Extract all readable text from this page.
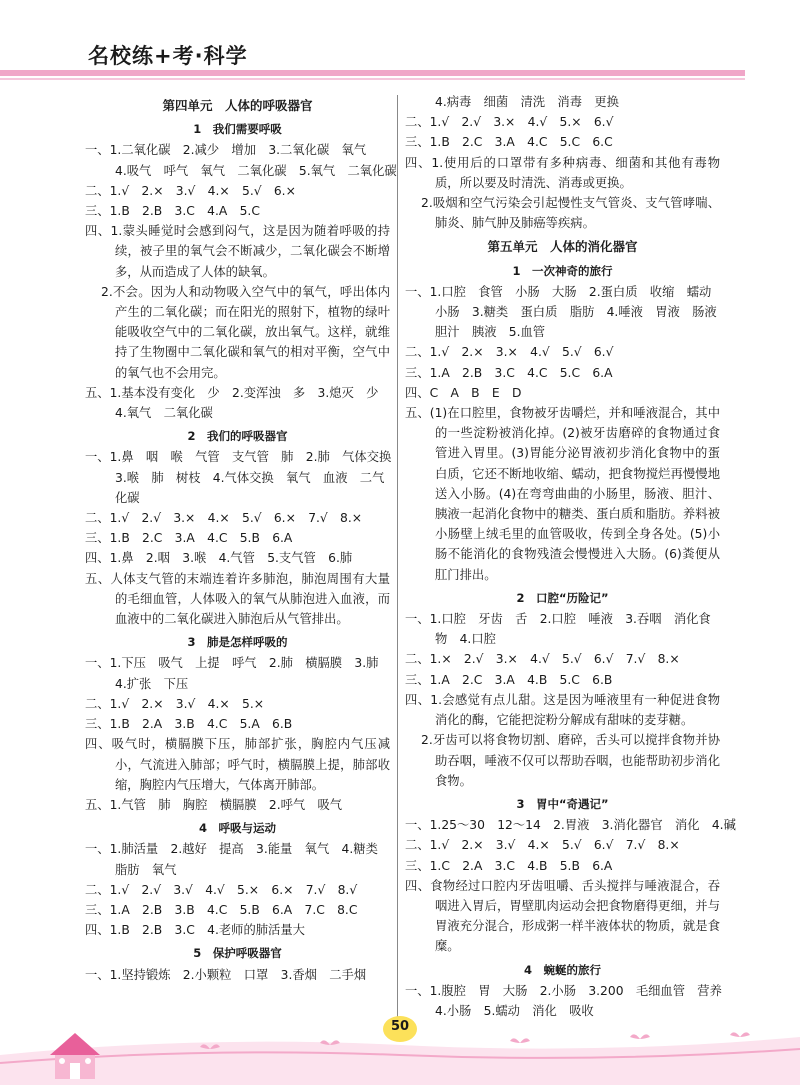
名校练+考·科学
第四单元　人体的呼吸器官
1　我们需要呼吸
一、1.二氧化碳　2.减少　增加　3.二氧化碳　氧气
4.吸气　呼气　氧气　二氧化碳　5.氧气　二氧化碳
二、1.√　2.×　3.√　4.×　5.√　6.×
三、1.B　2.B　3.C　4.A　5.C
四、1.蒙头睡觉时会感到闷气，这是因为随着呼吸的持续，被子里的氧气会不断减少，二氧化碳会不断增多，从而造成了人体的缺氧。
2.不会。因为人和动物吸入空气中的氧气，呼出体内产生的二氧化碳；而在阳光的照射下，植物的绿叶能吸收空气中的二氧化碳，放出氧气。这样，就维持了生物圈中二氧化碳和氧气的相对平衡，空气中的氧气也不会用完。
五、1.基本没有变化　少　2.变浑浊　多　3.熄灭　少
4.氧气　二氧化碳
2　我们的呼吸器官
一、1.鼻　咽　喉　气管　支气管　肺　2.肺　气体交换
3.喉　肺　树枝　4.气体交换　氧气　血液　二气
化碳
二、1.√　2.√　3.×　4.×　5.√　6.×　7.√　8.×
三、1.B　2.C　3.A　4.C　5.B　6.A
四、1.鼻　2.咽　3.喉　4.气管　5.支气管　6.肺
五、人体支气管的末端连着许多肺泡，肺泡周围有大量的毛细血管，人体吸入的氧气从肺泡进入血液，而血液中的二氧化碳进入肺泡后从气管排出。
3　肺是怎样呼吸的
一、1.下压　吸气　上提　呼气　2.肺　横膈膜　3.肺
4.扩张　下压
二、1.√　2.×　3.√　4.×　5.×
三、1.B　2.A　3.B　4.C　5.A　6.B
四、吸气时，横膈膜下压，肺部扩张，胸腔内气压减小，气流进入肺部；呼气时，横膈膜上提，肺部收缩，胸腔内气压增大，气体离开肺部。
五、1.气管　肺　胸腔　横膈膜　2.呼气　吸气
4　呼吸与运动
一、1.肺活量　2.越好　提高　3.能量　氧气　4.糖类
脂肪　氧气
二、1.√　2.√　3.√　4.√　5.×　6.×　7.√　8.√
三、1.A　2.B　3.B　4.C　5.B　6.A　7.C　8.C
四、1.B　2.B　3.C　4.老师的肺活量大
5　保护呼吸器官
一、1.坚持锻炼　2.小颗粒　口罩　3.香烟　二手烟
4.病毒　细菌　清洗　消毒　更换
二、1.√　2.√　3.×　4.√　5.×　6.√
三、1.B　2.C　3.A　4.C　5.C　6.C
四、1.使用后的口罩带有多种病毒、细菌和其他有毒物质，所以要及时清洗、消毒或更换。
2.吸烟和空气污染会引起慢性支气管炎、支气管哮喘、肺炎、肺气肿及肺癌等疾病。
第五单元　人体的消化器官
1　一次神奇的旅行
一、1.口腔　食管　小肠　大肠　2.蛋白质　收缩　蠕动
小肠　3.糖类　蛋白质　脂肪　4.唾液　胃液　肠液
胆汁　胰液　5.血管
二、1.√　2.×　3.×　4.√　5.√　6.√
三、1.A　2.B　3.C　4.C　5.C　6.A
四、C　A　B　E　D
五、(1)在口腔里，食物被牙齿嚼烂，并和唾液混合，其中的一些淀粉被消化掉。(2)被牙齿磨碎的食物通过食管进入胃里。(3)胃能分泌胃液初步消化食物中的蛋白质，它还不断地收缩、蠕动，把食物搅烂再慢慢地送入小肠。(4)在弯弯曲曲的小肠里，肠液、胆汁、胰液一起消化食物中的糖类、蛋白质和脂肪。养料被小肠壁上绒毛里的血管吸收，传到全身各处。(5)小肠不能消化的食物残渣会慢慢进入大肠。(6)粪便从肛门排出。
2　口腔“历险记”
一、1.口腔　牙齿　舌　2.口腔　唾液　3.吞咽　消化食
物　4.口腔
二、1.×　2.√　3.×　4.√　5.√　6.√　7.√　8.×
三、1.A　2.C　3.A　4.B　5.C　6.B
四、1.会感觉有点儿甜。这是因为唾液里有一种促进食物消化的酶，它能把淀粉分解成有甜味的麦芽糖。
2.牙齿可以将食物切割、磨碎，舌头可以搅拌食物并协助吞咽，唾液不仅可以帮助吞咽，也能帮助初步消化食物。
3　胃中“奇遇记”
一、1.25～30　12～14　2.胃液　3.消化器官　消化　4.碱
二、1.√　2.×　3.√　4.×　5.√　6.√　7.√　8.×
三、1.C　2.A　3.C　4.B　5.B　6.A
四、食物经过口腔内牙齿咀嚼、舌头搅拌与唾液混合，吞咽进入胃后，胃壁肌肉运动会把食物磨得更细，并与胃液充分混合，形成粥一样半液体状的物质，就是食糜。
4　蜿蜒的旅行
一、1.腹腔　胃　大肠　2.小肠　3.200　毛细血管　营养
4.小肠　5.蠕动　消化　吸收
50
